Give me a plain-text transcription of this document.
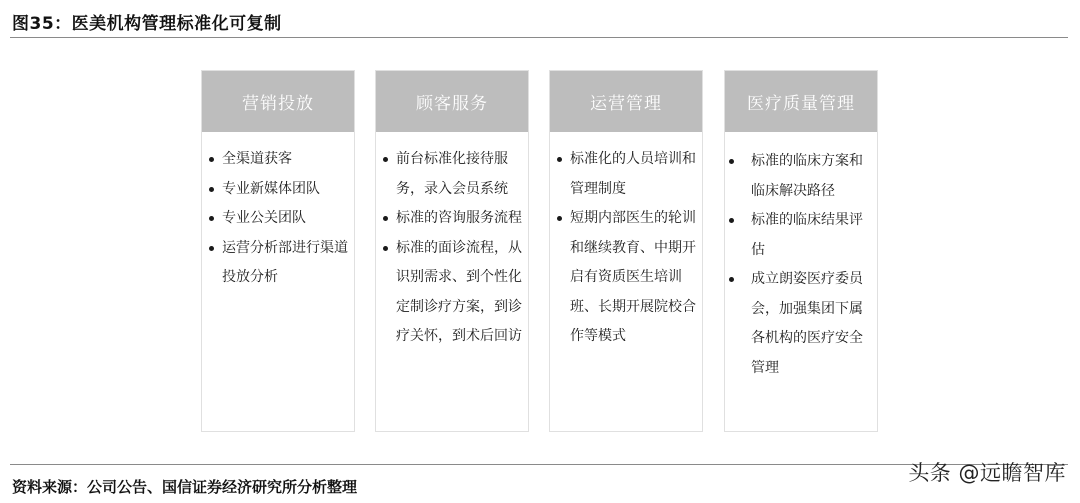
图35：医美机构管理标准化可复制
营销投放
全渠道获客
专业新媒体团队
专业公关团队
运营分析部进行渠道投放分析
顾客服务
前台标准化接待服务，录入会员系统
标准的咨询服务流程
标准的面诊流程，从识别需求、到个性化定制诊疗方案，到诊疗关怀，到术后回访
运营管理
标准化的人员培训和管理制度
短期内部医生的轮训和继续教育、中期开启有资质医生培训班、长期开展院校合作等模式
医疗质量管理
标准的临床方案和临床解决路径
标准的临床结果评估
成立朗姿医疗委员会，加强集团下属各机构的医疗安全管理
资料来源：公司公告、国信证券经济研究所分析整理
头条 @远瞻智库
